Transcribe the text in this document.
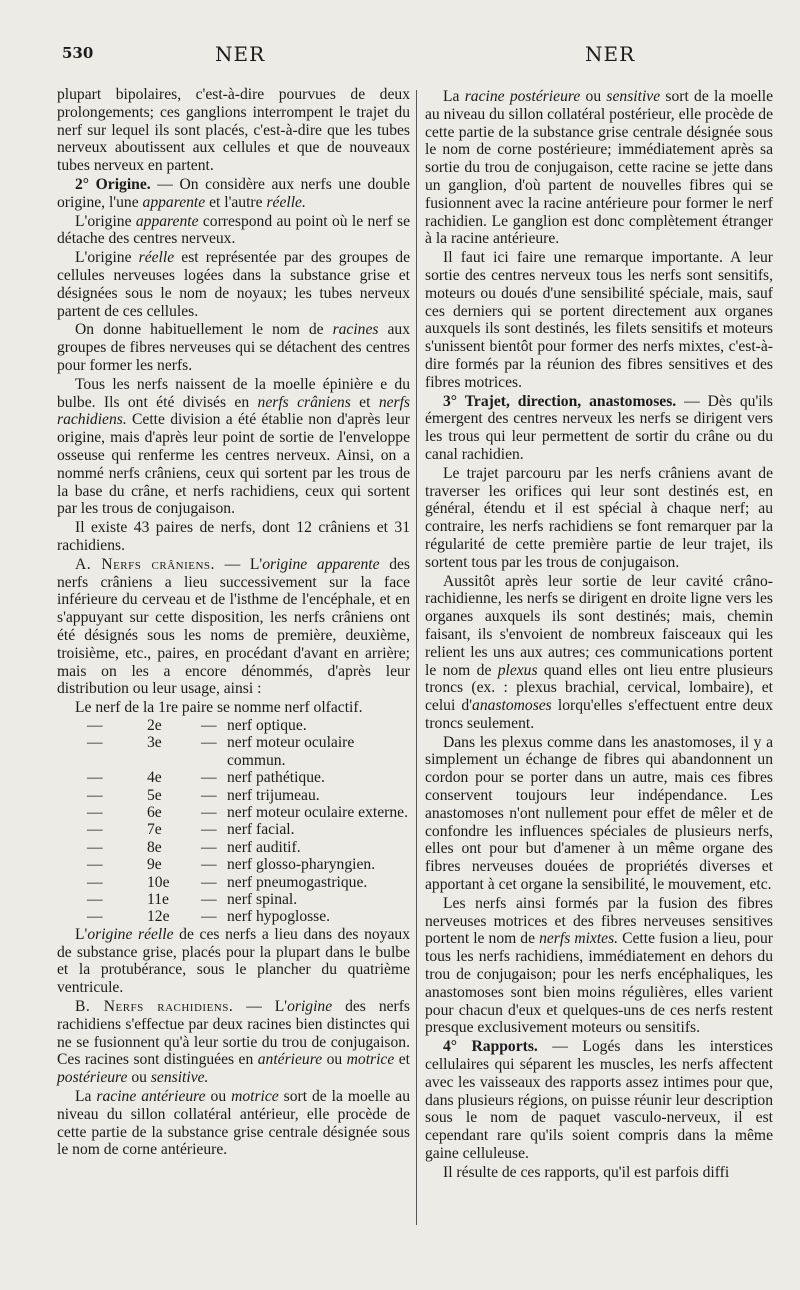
530	NER	NER

plupart bipolaires, c'est-à-dire pourvues de deux prolongements; ces ganglions interrompent le trajet du nerf sur lequel ils sont placés, c'est-à-dire que les tubes nerveux aboutissent aux cellules et que de nouveaux tubes nerveux en partent.

2° Origine. — On considère aux nerfs une double origine, l'une apparente et l'autre réelle.

L'origine apparente correspond au point où le nerf se détache des centres nerveux.

L'origine réelle est représentée par des groupes de cellules nerveuses logées dans la substance grise et désignées sous le nom de noyaux; les tubes nerveux partent de ces cellules.

On donne habituellement le nom de racines aux groupes de fibres nerveuses qui se détachent des centres pour former les nerfs.

Tous les nerfs naissent de la moelle épinière e du bulbe. Ils ont été divisés en nerfs crâniens et nerfs rachidiens. Cette division a été établie non d'après leur origine, mais d'après leur point de sortie de l'enveloppe osseuse qui renferme les centres nerveux. Ainsi, on a nommé nerfs crâniens, ceux qui sortent par les trous de la base du crâne, et nerfs rachidiens, ceux qui sortent par les trous de conjugaison.

Il existe 43 paires de nerfs, dont 12 crâniens et 31 rachidiens.

A. Nerfs crâniens. — L'origine apparente des nerfs crâniens a lieu successivement sur la face inférieure du cerveau et de l'isthme de l'encéphale, et en s'appuyant sur cette disposition, les nerfs crâniens ont été désignés sous les noms de première, deuxième, troisième, etc., paires, en procédant d'avant en arrière; mais on les a encore dénommés, d'après leur distribution ou leur usage, ainsi :

Le nerf de la 1re paire se nomme nerf olfactif.

—	2e	—	nerf optique.
—	3e	—	nerf moteur oculaire commun.
—	4e	—	nerf pathétique.
—	5e	—	nerf trijumeau.
—	6e	—	nerf moteur oculaire externe.
—	7e	—	nerf facial.
—	8e	—	nerf auditif.
—	9e	—	nerf glosso-pharyngien.
—	10e	—	nerf pneumogastrique.
—	11e	—	nerf spinal.
—	12e	—	nerf hypoglosse.

L'origine réelle de ces nerfs a lieu dans des noyaux de substance grise, placés pour la plupart dans le bulbe et la protubérance, sous le plancher du quatrième ventricule.

B. Nerfs rachidiens. — L'origine des nerfs rachidiens s'effectue par deux racines bien distinctes qui ne se fusionnent qu'à leur sortie du trou de conjugaison. Ces racines sont distinguées en antérieure ou motrice et postérieure ou sensitive.

La racine antérieure ou motrice sort de la moelle au niveau du sillon collatéral antérieur, elle procède de cette partie de la substance grise centrale désignée sous le nom de corne antérieure.

La racine postérieure ou sensitive sort de la moelle au niveau du sillon collatéral postérieur, elle procède de cette partie de la substance grise centrale désignée sous le nom de corne postérieure; immédiatement après sa sortie du trou de conjugaison, cette racine se jette dans un ganglion, d'où partent de nouvelles fibres qui se fusionnent avec la racine antérieure pour former le nerf rachidien. Le ganglion est donc complètement étranger à la racine antérieure.

Il faut ici faire une remarque importante. A leur sortie des centres nerveux tous les nerfs sont sensitifs, moteurs ou doués d'une sensibilité spéciale, mais, sauf ces derniers qui se portent directement aux organes auxquels ils sont destinés, les filets sensitifs et moteurs s'unissent bientôt pour former des nerfs mixtes, c'est-à-dire formés par la réunion des fibres sensitives et des fibres motrices.

3° Trajet, direction, anastomoses. — Dès qu'ils émergent des centres nerveux les nerfs se dirigent vers les trous qui leur permettent de sortir du crâne ou du canal rachidien.

Le trajet parcouru par les nerfs crâniens avant de traverser les orifices qui leur sont destinés est, en général, étendu et il est spécial à chaque nerf; au contraire, les nerfs rachidiens se font remarquer par la régularité de cette première partie de leur trajet, ils sortent tous par les trous de conjugaison.

Aussitôt après leur sortie de leur cavité crâno-rachidienne, les nerfs se dirigent en droite ligne vers les organes auxquels ils sont destinés; mais, chemin faisant, ils s'envoient de nombreux faisceaux qui les relient les uns aux autres; ces communications portent le nom de plexus quand elles ont lieu entre plusieurs troncs (ex. : plexus brachial, cervical, lombaire), et celui d'anastomoses lorqu'elles s'effectuent entre deux troncs seulement.

Dans les plexus comme dans les anastomoses, il y a simplement un échange de fibres qui abandonnent un cordon pour se porter dans un autre, mais ces fibres conservent toujours leur indépendance. Les anastomoses n'ont nullement pour effet de mêler et de confondre les influences spéciales de plusieurs nerfs, elles ont pour but d'amener à un même organe des fibres nerveuses douées de propriétés diverses et apportant à cet organe la sensibilité, le mouvement, etc.

Les nerfs ainsi formés par la fusion des fibres nerveuses motrices et des fibres nerveuses sensitives portent le nom de nerfs mixtes. Cette fusion a lieu, pour tous les nerfs rachidiens, immédiatement en dehors du trou de conjugaison; pour les nerfs encéphaliques, les anastomoses sont bien moins régulières, elles varient pour chacun d'eux et quelques-uns de ces nerfs restent presque exclusivement moteurs ou sensitifs.

4° Rapports. — Logés dans les interstices cellulaires qui séparent les muscles, les nerfs affectent avec les vaisseaux des rapports assez intimes pour que, dans plusieurs régions, on puisse réunir leur description sous le nom de paquet vasculo-nerveux, il est cependant rare qu'ils soient compris dans la même gaine celluleuse.

Il résulte de ces rapports, qu'il est parfois diffi
